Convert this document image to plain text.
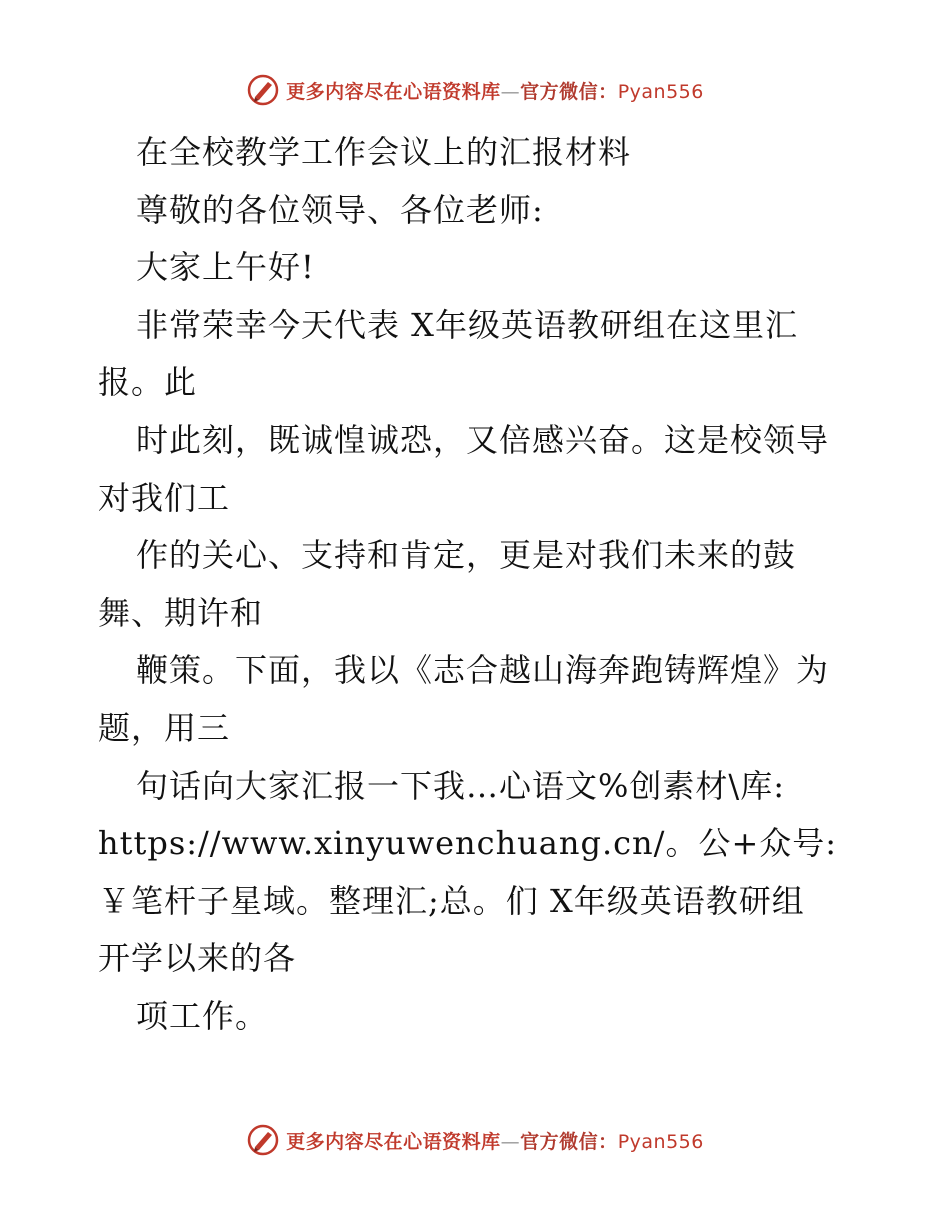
更多内容尽在心语资料库—官方微信：Pyan556
在全校教学工作会议上的汇报材料
尊敬的各位领导、各位老师:
大家上午好!
非常荣幸今天代表 X年级英语教研组在这里汇
报。此
时此刻，既诚惶诚恐，又倍感兴奋。这是校领导
对我们工
作的关心、支持和肯定，更是对我们未来的鼓
舞、期许和
鞭策。下面，我以《志合越山海奔跑铸辉煌》为
题，用三
句话向大家汇报一下我…心语文%创素材\库:
https://www.xinyuwenchuang.cn/。公+众号:
￥笔杆子星域。整理汇;总。们 X年级英语教研组
开学以来的各
项工作。
更多内容尽在心语资料库—官方微信：Pyan556
